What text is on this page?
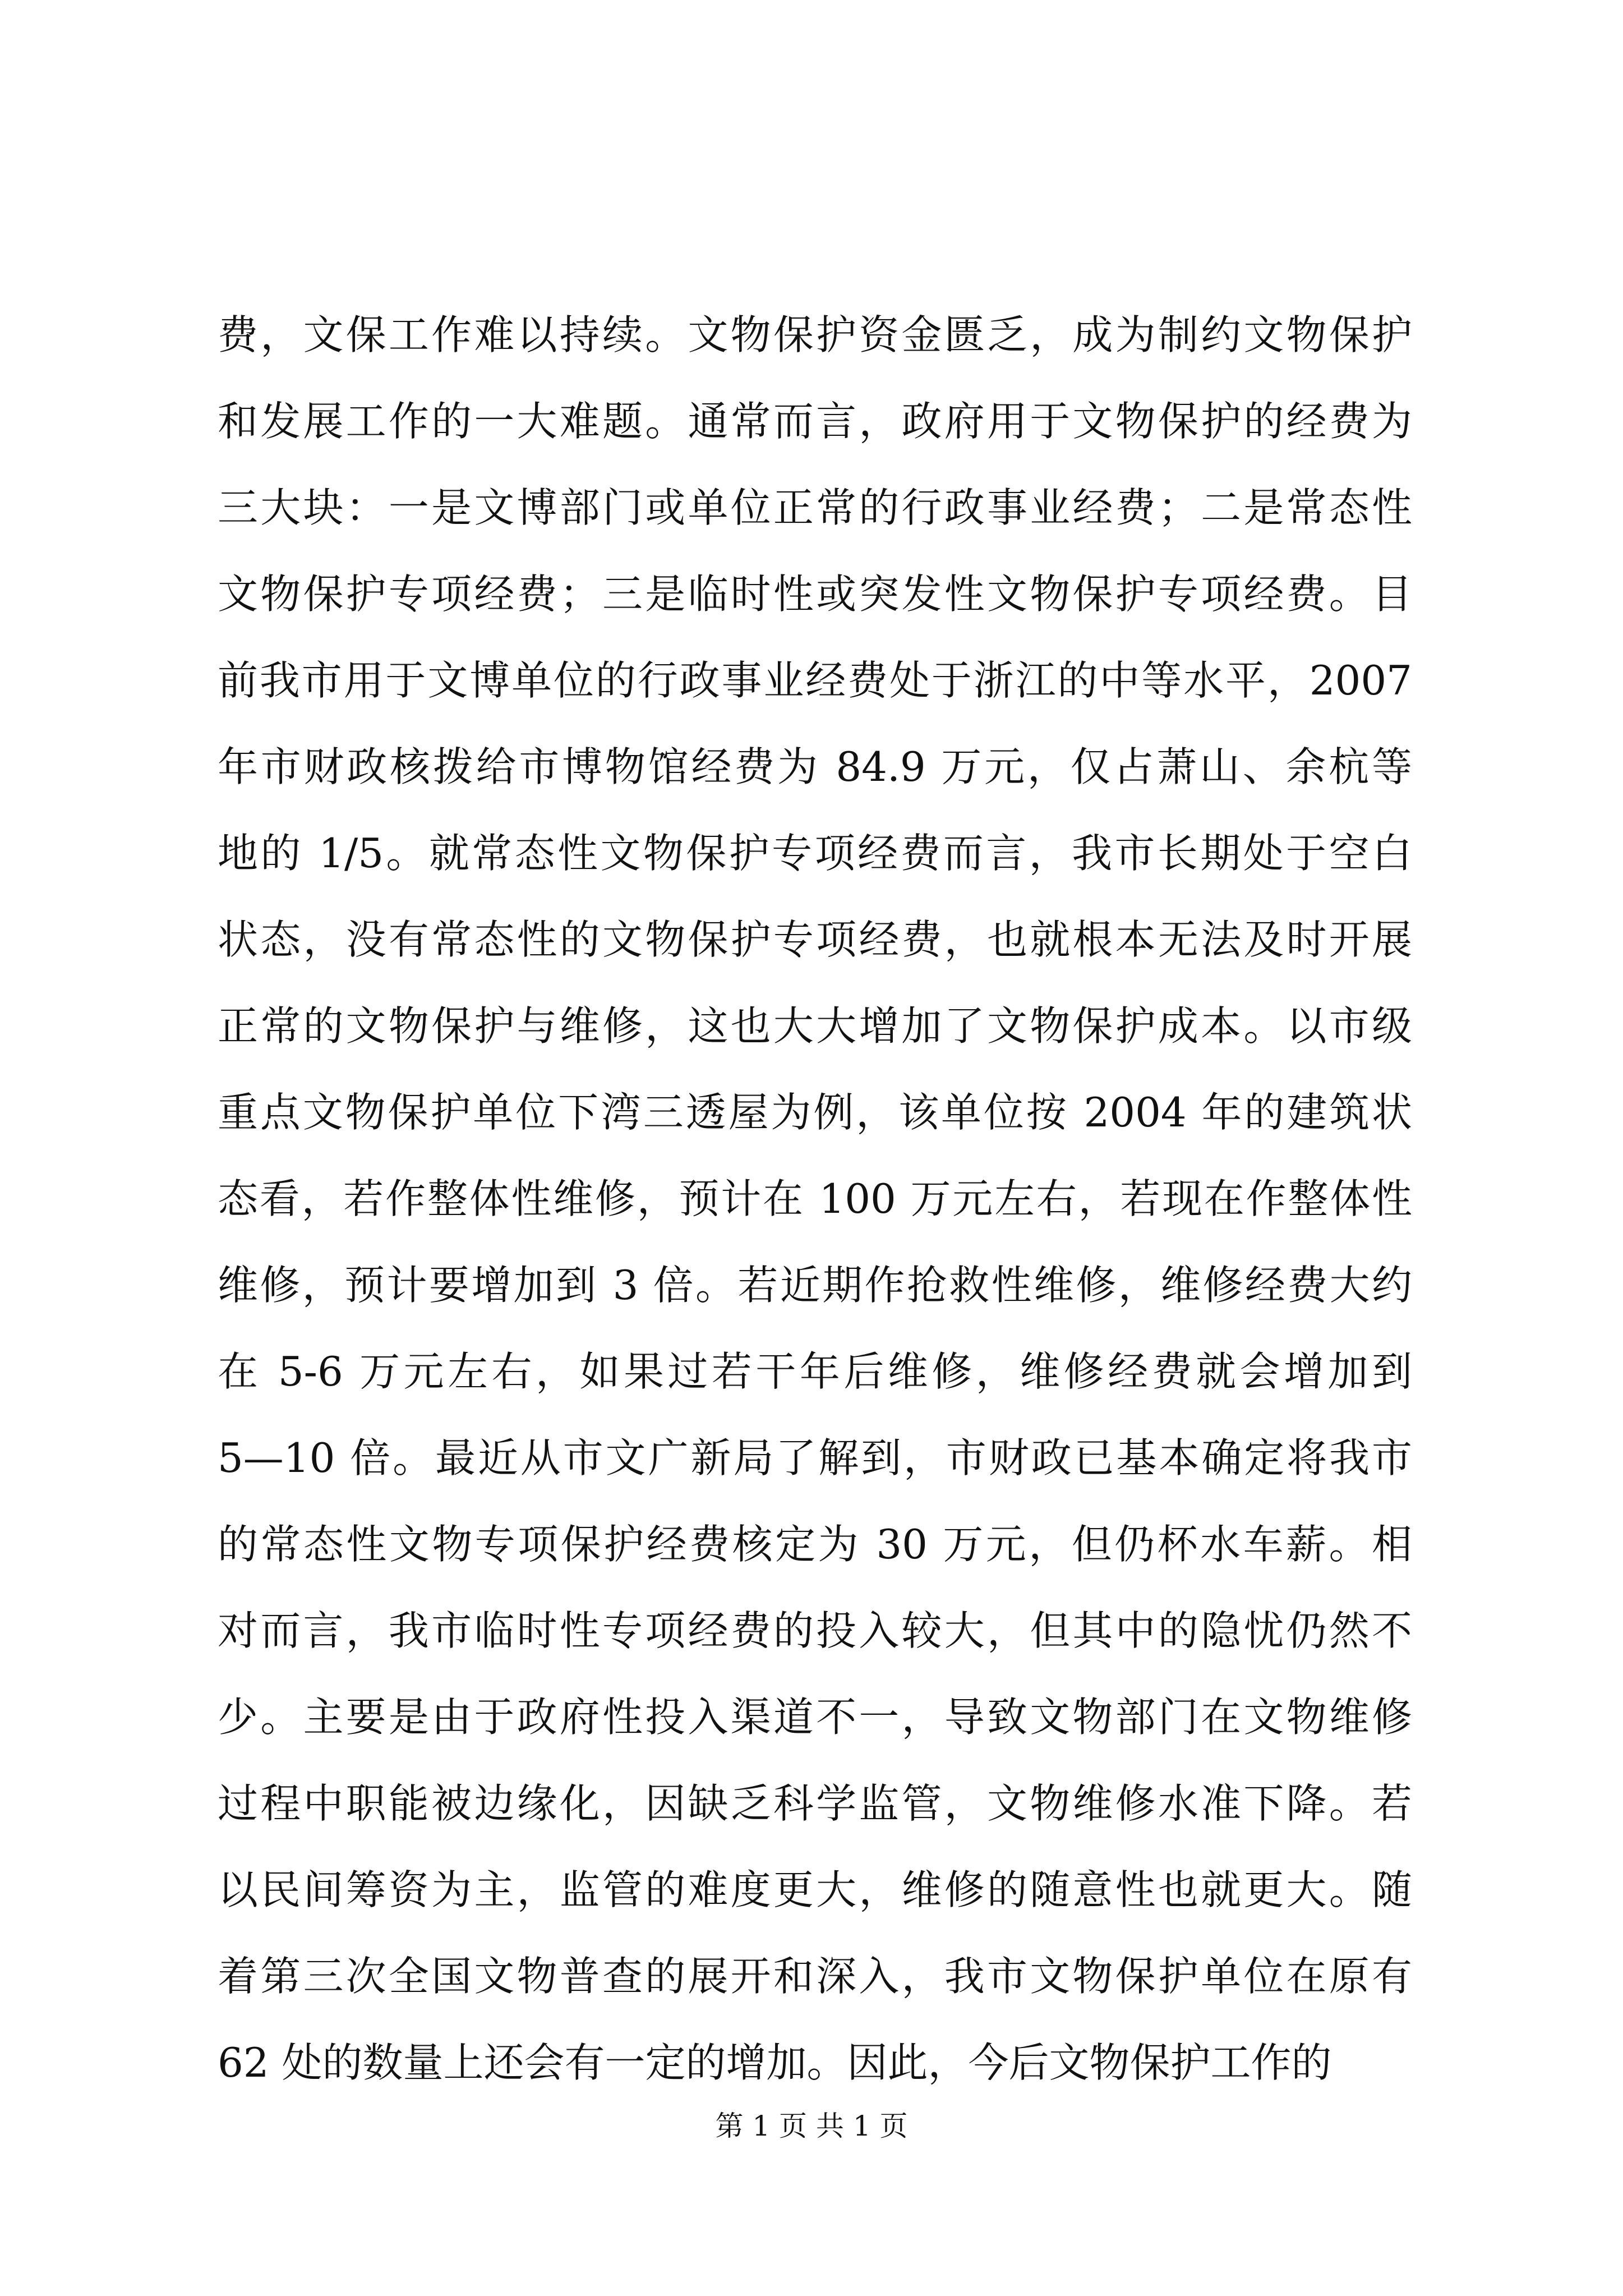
费，文保工作难以持续。文物保护资金匮乏，成为制约文物保护
和发展工作的一大难题。通常而言，政府用于文物保护的经费为
三大块：一是文博部门或单位正常的行政事业经费；二是常态性
文物保护专项经费；三是临时性或突发性文物保护专项经费。目
前我市用于文博单位的行政事业经费处于浙江的中等水平，2007
年市财政核拨给市博物馆经费为 84.9 万元，仅占萧山、余杭等
地的 1/5。就常态性文物保护专项经费而言，我市长期处于空白
状态，没有常态性的文物保护专项经费，也就根本无法及时开展
正常的文物保护与维修，这也大大增加了文物保护成本。以市级
重点文物保护单位下湾三透屋为例，该单位按 2004 年的建筑状
态看，若作整体性维修，预计在 100 万元左右，若现在作整体性
维修，预计要增加到 3 倍。若近期作抢救性维修，维修经费大约
在 5-6 万元左右，如果过若干年后维修，维修经费就会增加到
5—10 倍。最近从市文广新局了解到，市财政已基本确定将我市
的常态性文物专项保护经费核定为 30 万元，但仍杯水车薪。相
对而言，我市临时性专项经费的投入较大，但其中的隐忧仍然不
少。主要是由于政府性投入渠道不一，导致文物部门在文物维修
过程中职能被边缘化，因缺乏科学监管，文物维修水准下降。若
以民间筹资为主，监管的难度更大，维修的随意性也就更大。随
着第三次全国文物普查的展开和深入，我市文物保护单位在原有
62 处的数量上还会有一定的增加。因此，今后文物保护工作的
第 1 页 共 1 页
